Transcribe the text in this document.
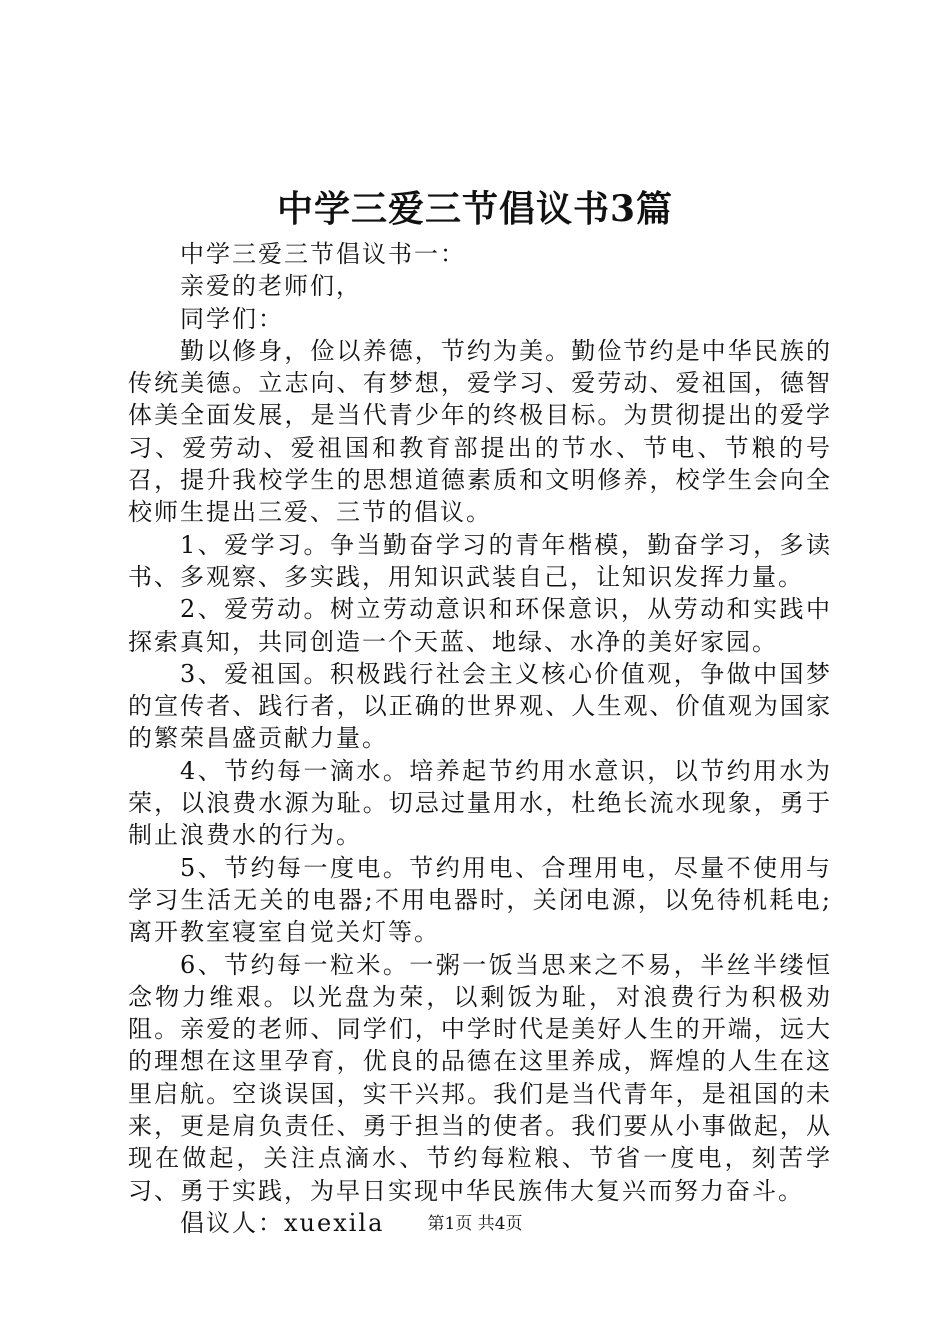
中学三爱三节倡议书3篇

中学三爱三节倡议书一：

亲爱的老师们，

同学们：

勤以修身，俭以养德，节约为美。勤俭节约是中华民族的传统美德。立志向、有梦想，爱学习、爱劳动、爱祖国，德智体美全面发展，是当代青少年的终极目标。为贯彻提出的爱学习、爱劳动、爱祖国和教育部提出的节水、节电、节粮的号召，提升我校学生的思想道德素质和文明修养，校学生会向全校师生提出三爱、三节的倡议。

1、爱学习。争当勤奋学习的青年楷模，勤奋学习，多读书、多观察、多实践，用知识武装自己，让知识发挥力量。

2、爱劳动。树立劳动意识和环保意识，从劳动和实践中探索真知，共同创造一个天蓝、地绿、水净的美好家园。

3、爱祖国。积极践行社会主义核心价值观，争做中国梦的宣传者、践行者，以正确的世界观、人生观、价值观为国家的繁荣昌盛贡献力量。

4、节约每一滴水。培养起节约用水意识，以节约用水为荣，以浪费水源为耻。切忌过量用水，杜绝长流水现象，勇于制止浪费水的行为。

5、节约每一度电。节约用电、合理用电，尽量不使用与学习生活无关的电器;不用电器时，关闭电源，以免待机耗电;离开教室寝室自觉关灯等。

6、节约每一粒米。一粥一饭当思来之不易，半丝半缕恒念物力维艰。以光盘为荣，以剩饭为耻，对浪费行为积极劝阻。亲爱的老师、同学们，中学时代是美好人生的开端，远大的理想在这里孕育，优良的品德在这里养成，辉煌的人生在这里启航。空谈误国，实干兴邦。我们是当代青年，是祖国的未来，更是肩负责任、勇于担当的使者。我们要从小事做起，从现在做起，关注点滴水、节约每粒粮、节省一度电，刻苦学习、勇于实践，为早日实现中华民族伟大复兴而努力奋斗。

倡议人：xuexila	第1页 共4页
